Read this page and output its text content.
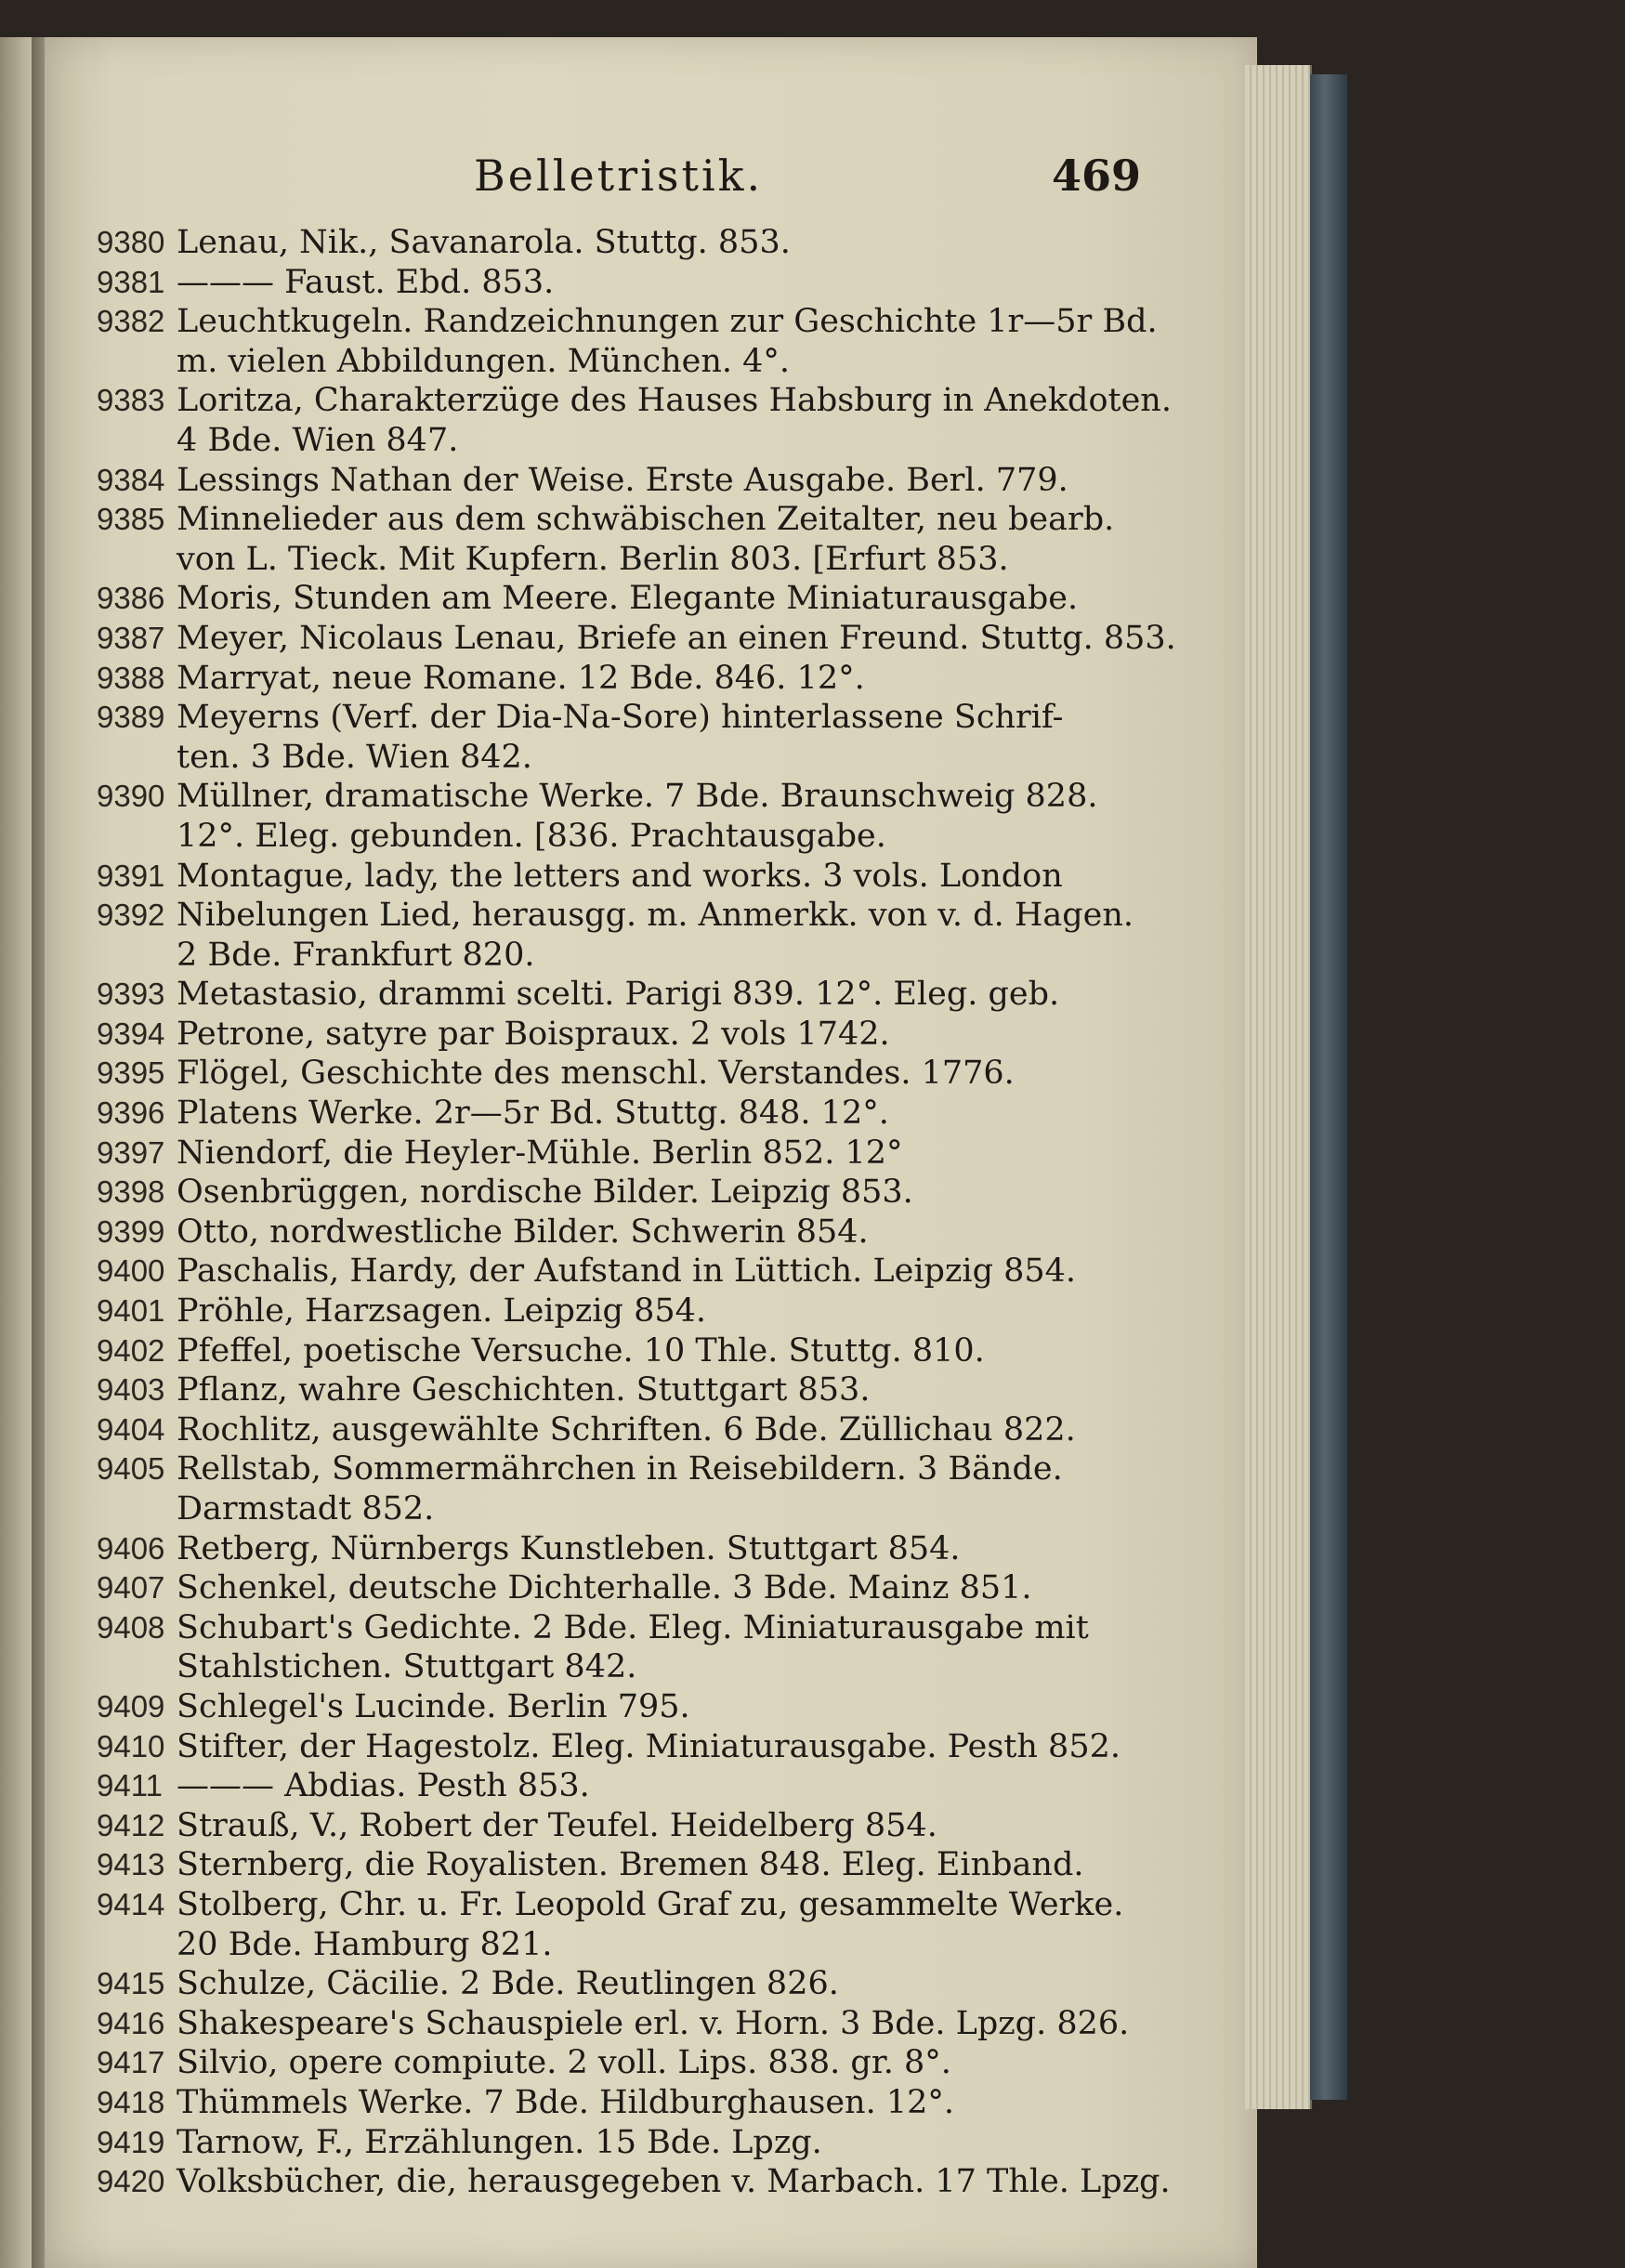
Belletristik.	469
9380 Lenau, Nik., Savanarola. Stuttg. 853.
9381 ——— Faust. Ebd. 853.
9382 Leuchtkugeln. Randzeichnungen zur Geschichte 1r—5r Bd.
m. vielen Abbildungen. München. 4°.
9383 Loritza, Charakterzüge des Hauses Habsburg in Anekdoten.
4 Bde. Wien 847.
9384 Lessings Nathan der Weise. Erste Ausgabe. Berl. 779.
9385 Minnelieder aus dem schwäbischen Zeitalter, neu bearb.
von L. Tieck. Mit Kupfern. Berlin 803. [Erfurt 853.
9386 Moris, Stunden am Meere. Elegante Miniaturausgabe.
9387 Meyer, Nicolaus Lenau, Briefe an einen Freund. Stuttg. 853.
9388 Marryat, neue Romane. 12 Bde. 846. 12°.
9389 Meyerns (Verf. der Dia-Na-Sore) hinterlassene Schrif-
ten. 3 Bde. Wien 842.
9390 Müllner, dramatische Werke. 7 Bde. Braunschweig 828.
12°. Eleg. gebunden. [836. Prachtausgabe.
9391 Montague, lady, the letters and works. 3 vols. London
9392 Nibelungen Lied, herausgg. m. Anmerkk. von v. d. Hagen.
2 Bde. Frankfurt 820.
9393 Metastasio, drammi scelti. Parigi 839. 12°. Eleg. geb.
9394 Petrone, satyre par Boispraux. 2 vols 1742.
9395 Flögel, Geschichte des menschl. Verstandes. 1776.
9396 Platens Werke. 2r—5r Bd. Stuttg. 848. 12°.
9397 Niendorf, die Heyler-Mühle. Berlin 852. 12°
9398 Osenbrüggen, nordische Bilder. Leipzig 853.
9399 Otto, nordwestliche Bilder. Schwerin 854.
9400 Paschalis, Hardy, der Aufstand in Lüttich. Leipzig 854.
9401 Pröhle, Harzsagen. Leipzig 854.
9402 Pfeffel, poetische Versuche. 10 Thle. Stuttg. 810.
9403 Pflanz, wahre Geschichten. Stuttgart 853.
9404 Rochlitz, ausgewählte Schriften. 6 Bde. Züllichau 822.
9405 Rellstab, Sommermährchen in Reisebildern. 3 Bände.
Darmstadt 852.
9406 Retberg, Nürnbergs Kunstleben. Stuttgart 854.
9407 Schenkel, deutsche Dichterhalle. 3 Bde. Mainz 851.
9408 Schubart's Gedichte. 2 Bde. Eleg. Miniaturausgabe mit
Stahlstichen. Stuttgart 842.
9409 Schlegel's Lucinde. Berlin 795.
9410 Stifter, der Hagestolz. Eleg. Miniaturausgabe. Pesth 852.
9411 ——— Abdias. Pesth 853.
9412 Strauß, V., Robert der Teufel. Heidelberg 854.
9413 Sternberg, die Royalisten. Bremen 848. Eleg. Einband.
9414 Stolberg, Chr. u. Fr. Leopold Graf zu, gesammelte Werke.
20 Bde. Hamburg 821.
9415 Schulze, Cäcilie. 2 Bde. Reutlingen 826.
9416 Shakespeare's Schauspiele erl. v. Horn. 3 Bde. Lpzg. 826.
9417 Silvio, opere compiute. 2 voll. Lips. 838. gr. 8°.
9418 Thümmels Werke. 7 Bde. Hildburghausen. 12°.
9419 Tarnow, F., Erzählungen. 15 Bde. Lpzg.
9420 Volksbücher, die, herausgegeben v. Marbach. 17 Thle. Lpzg.
